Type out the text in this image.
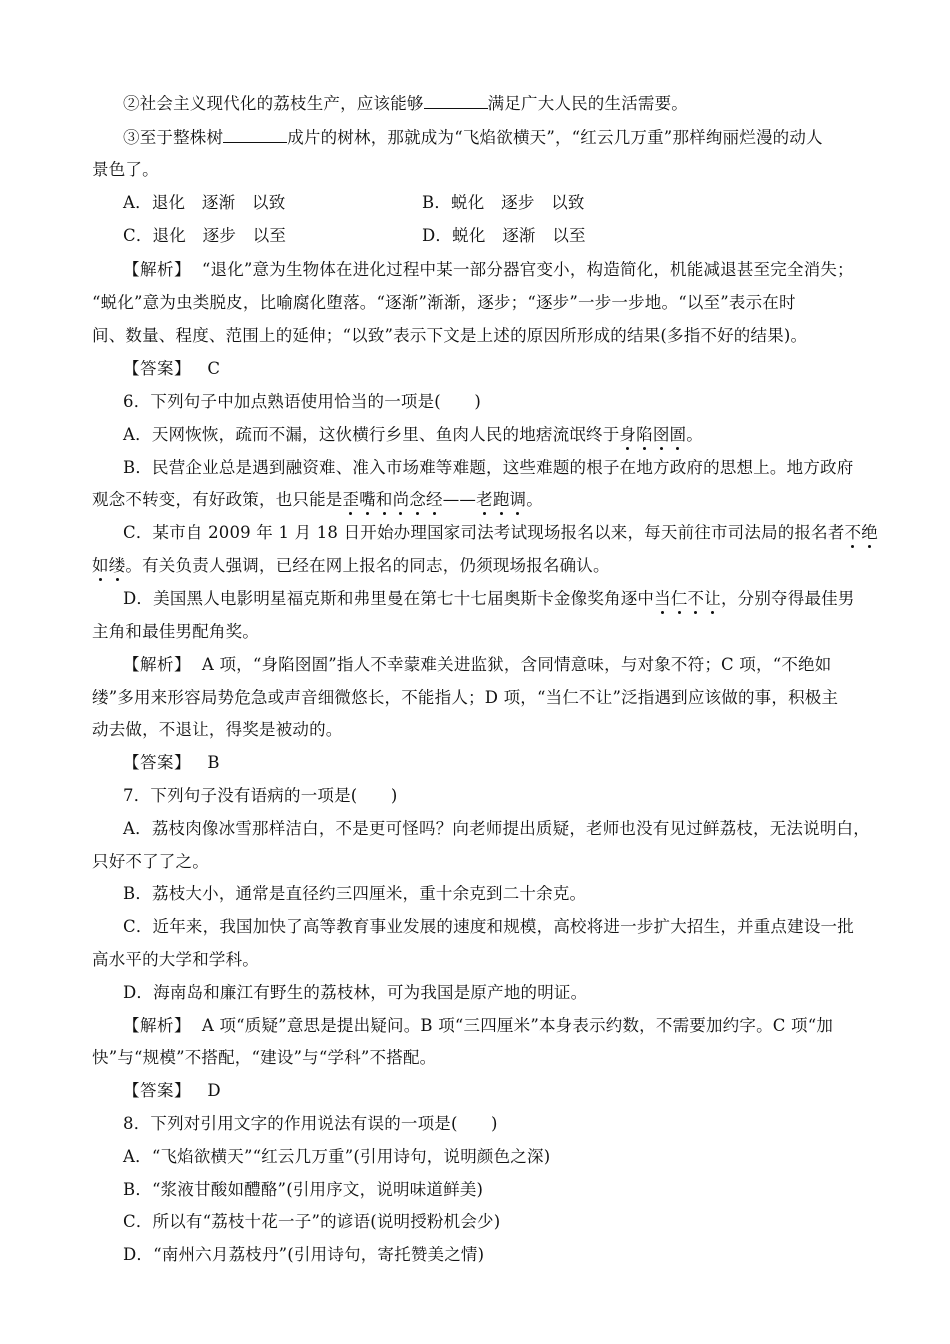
②社会主义现代化的荔枝生产，应该能够	满足广大人民的生活需要。
③至于整株树	成片的树林，那就成为“飞焰欲横天”，“红云几万重”那样绚丽烂漫的动人
景色了。
A．退化　逐渐　以致	B．蜕化　逐步　以致
C．退化　逐步　以至	D．蜕化　逐渐　以至
【解析】 “退化”意为生物体在进化过程中某一部分器官变小，构造简化，机能减退甚至完全消失；
“蜕化”意为虫类脱皮，比喻腐化堕落。“逐渐”渐渐，逐步；“逐步”一步一步地。“以至”表示在时
间、数量、程度、范围上的延伸；“以致”表示下文是上述的原因所形成的结果(多指不好的结果)。
【答案】 C
6．下列句子中加点熟语使用恰当的一项是(　　)
A．天网恢恢，疏而不漏，这伙横行乡里、鱼肉人民的地痞流氓终于身陷囹圄。
B．民营企业总是遇到融资难、准入市场难等难题，这些难题的根子在地方政府的思想上。地方政府
观念不转变，有好政策，也只能是歪嘴和尚念经——老跑调。
C．某市自 2009 年 1 月 18 日开始办理国家司法考试现场报名以来，每天前往市司法局的报名者不绝
如缕。有关负责人强调，已经在网上报名的同志，仍须现场报名确认。
D．美国黑人电影明星福克斯和弗里曼在第七十七届奥斯卡金像奖角逐中当仁不让，分别夺得最佳男
主角和最佳男配角奖。
【解析】 A 项，“身陷囹圄”指人不幸蒙难关进监狱，含同情意味，与对象不符；C 项，“不绝如
缕”多用来形容局势危急或声音细微悠长，不能指人；D 项，“当仁不让”泛指遇到应该做的事，积极主
动去做，不退让，得奖是被动的。
【答案】 B
7．下列句子没有语病的一项是(　　)
A．荔枝肉像冰雪那样洁白，不是更可怪吗？向老师提出质疑，老师也没有见过鲜荔枝，无法说明白，
只好不了了之。
B．荔枝大小，通常是直径约三四厘米，重十余克到二十余克。
C．近年来，我国加快了高等教育事业发展的速度和规模，高校将进一步扩大招生，并重点建设一批
高水平的大学和学科。
D．海南岛和廉江有野生的荔枝林，可为我国是原产地的明证。
【解析】 A 项“质疑”意思是提出疑问。B 项“三四厘米”本身表示约数，不需要加约字。C 项“加
快”与“规模”不搭配，“建设”与“学科”不搭配。
【答案】 D
8．下列对引用文字的作用说法有误的一项是(　　)
A．“飞焰欲横天”“红云几万重”(引用诗句，说明颜色之深)
B．“浆液甘酸如醴酪”(引用序文，说明味道鲜美)
C．所以有“荔枝十花一子”的谚语(说明授粉机会少)
D．“南州六月荔枝丹”(引用诗句，寄托赞美之情)
